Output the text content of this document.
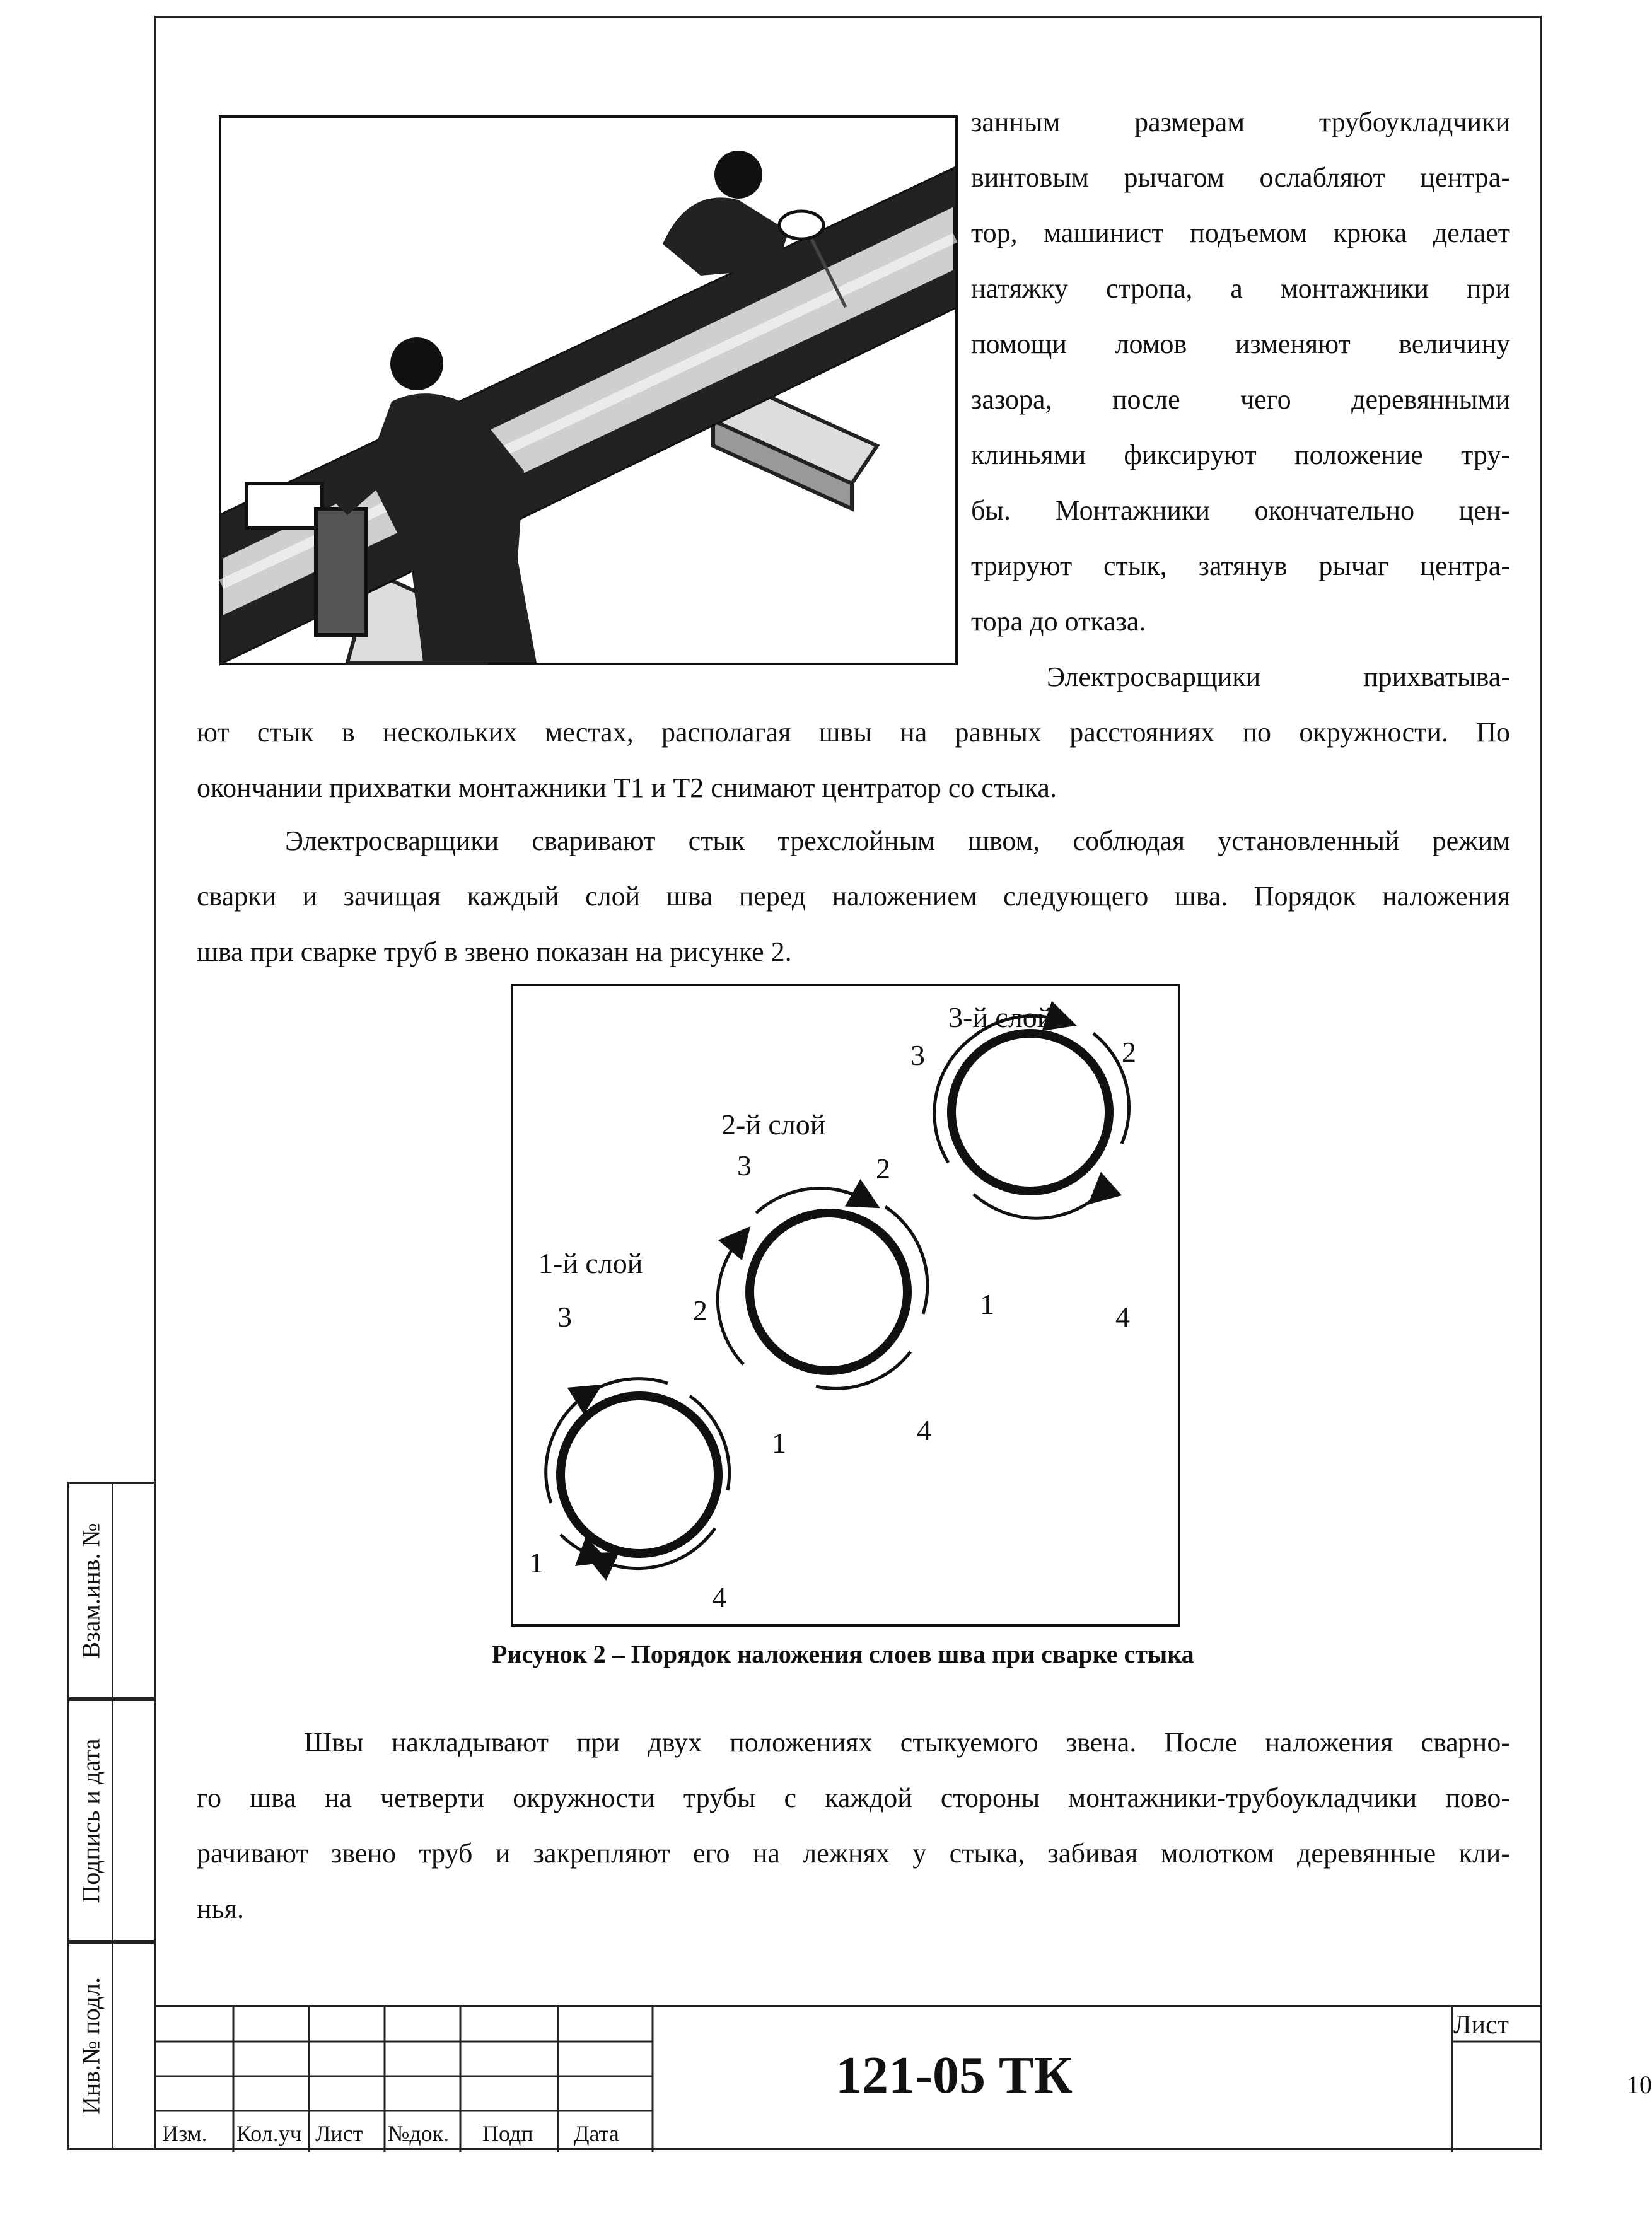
Взам.инв. №
Подпись и дата
Инв.№ подл.
занным размерам трубоукладчики
винтовым рычагом ослабляют центра-
тор, машинист подъемом крюка делает
натяжку стропа, а монтажники при
помощи ломов изменяют величину
зазора, после чего деревянными
клиньями фиксируют положение тру-
бы. Монтажники окончательно цен-
трируют стык, затянув рычаг центра-
тора до отказа.
Электросварщики прихватыва-
ют стык в нескольких местах, располагая швы на равных расстояниях по окружности. По
окончании прихватки монтажники Т1 и Т2 снимают центратор со стыка.
Электросварщики сваривают стык трехслойным швом, соблюдая установленный режим
сварки и зачищая каждый слой шва перед наложением следующего шва. Порядок наложения
шва при сварке труб в звено показан на рисунке 2.
1-й слой
2-й слой
3-й слой
3	2
1
4
3	2
1	4
3	2
1	4
Рисунок 2 – Порядок наложения слоев шва при сварке стыка
Швы накладывают при двух положениях стыкуемого звена. После наложения сварно-
го шва на четверти окружности трубы с каждой стороны монтажники-трубоукладчики пово-
рачивают звено труб и закрепляют его на лежнях у стыка, забивая молотком деревянные кли-
нья.
Изм. Кол.уч Лист №док. Подп Дата
121-05 ТК
Лист
10
